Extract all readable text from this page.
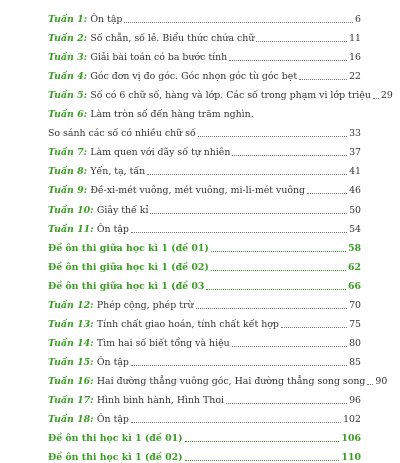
Tuần 1: Ôn tập	6
Tuần 2: Số chẵn, số lẻ. Biểu thức chứa chữ	11
Tuần 3: Giải bài toán có ba bước tính	16
Tuần 4: Góc đơn vị đo góc. Góc nhọn góc tù góc bẹt	22
Tuần 5: Số có 6 chữ số, hàng và lớp. Các số trong phạm vi lớp triệu 29
Tuần 6: Làm tròn số đến hàng trăm nghìn.
So sánh các số có nhiều chữ số	33
Tuần 7: Làm quen với dãy số tự nhiên	37
Tuần 8: Yến, tạ, tấn	41
Tuần 9: Đề-xi-mét vuông, mét vuông, mi-li-mét vuông	46
Tuần 10: Giây thế kỉ	50
Tuần 11: Ôn tập	54
Đề ôn thi giữa học kì 1 (đề 01)	58
Đề ôn thi giữa học kì 1 (đề 02)	62
Đề ôn thi giữa học kì 1 (đề 03	66
Tuần 12: Phép cộng, phép trừ	70
Tuần 13: Tính chất giao hoán, tính chất kết hợp	75
Tuần 14: Tìm hai số biết tổng và hiệu	80
Tuần 15: Ôn tập	85
Tuần 16: Hai đường thẳng vuông góc, Hai đường thẳng song song 90
Tuần 17: Hình bình hành, Hình Thoi	96
Tuần 18: Ôn tập	102
Đề ôn thi học kì 1 (đề 01)	106
Đề ôn thi học kì 1 (đề 02)	110
